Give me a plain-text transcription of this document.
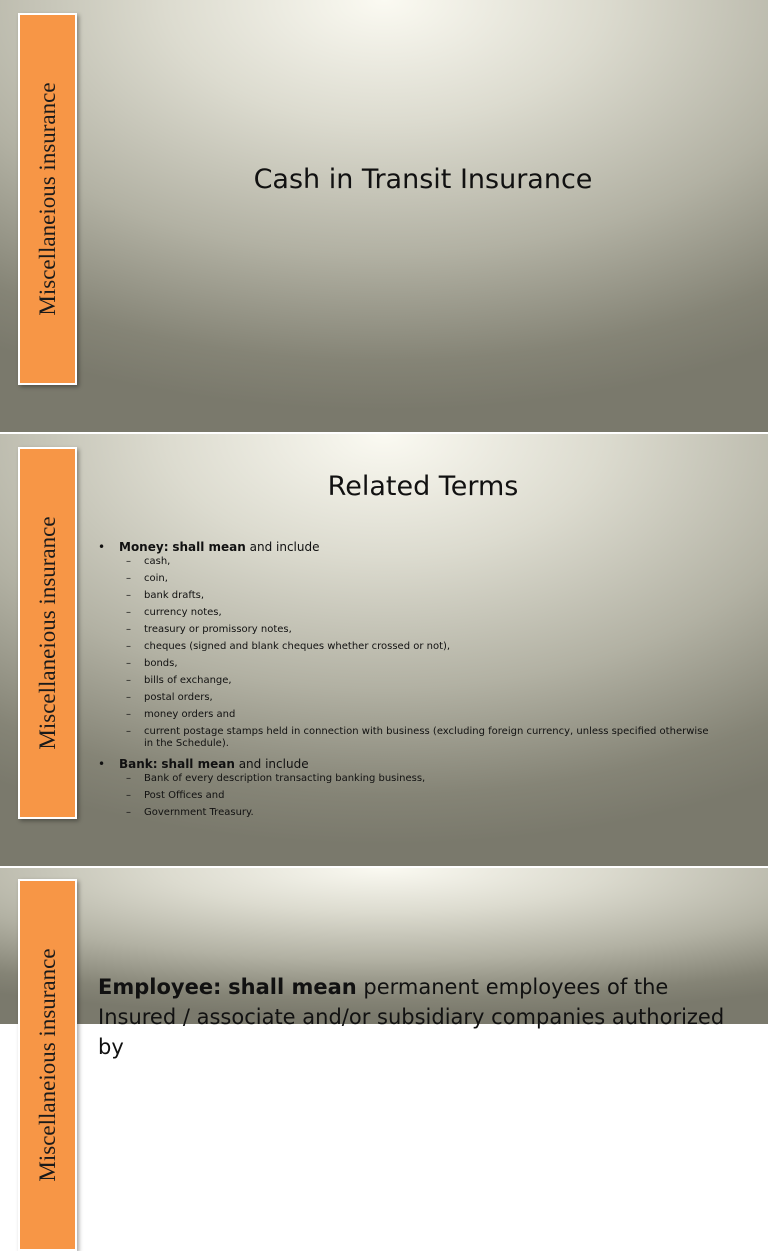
Miscellaneious insurance	Cash in Transit Insurance
Miscellaneious insurance
Related Terms
• Money: shall mean and include
– cash,
– coin,
– bank drafts,
– currency notes,
– treasury or promissory notes,
– cheques (signed and blank cheques whether crossed or not),
– bonds,
– bills of exchange,
– postal orders,
– money orders and
– current postage stamps held in connection with business (excluding foreign currency, unless specified otherwise in the Schedule).
• Bank: shall mean and include
– Bank of every description transacting banking business,
– Post Offices and
– Government Treasury.
Miscellaneious insurance Employee: shall mean permanent employees of the Insured / associate and/or subsidiary companies authorized by
